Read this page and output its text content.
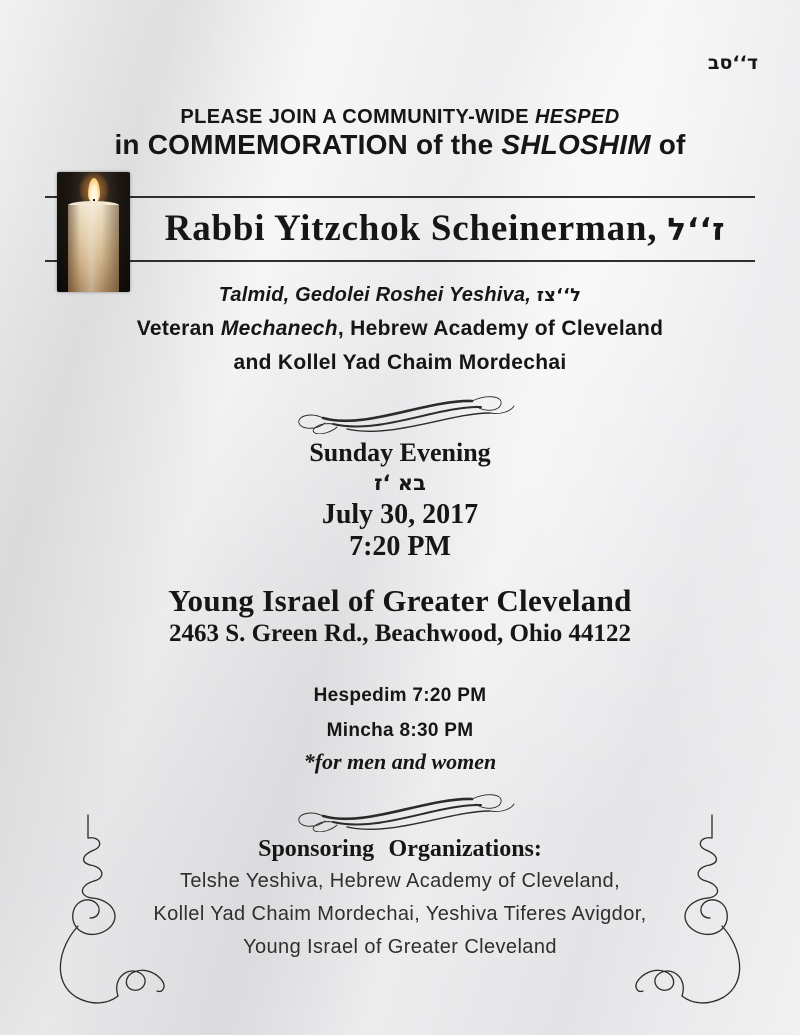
בס‘‘ד
PLEASE JOIN A COMMUNITY-WIDE HESPED
in COMMEMORATION of the SHLOSHIM of
Rabbi Yitzchok Scheinerman, ל‘‘ז
Talmid, Gedolei Roshei Yeshiva, זצ‘‘ל
Veteran Mechanech, Hebrew Academy of Cleveland
and Kollel Yad Chaim Mordechai
Sunday Evening
ז‘ אב
July 30, 2017
7:20 PM
Young Israel of Greater Cleveland
2463 S. Green Rd., Beachwood, Ohio 44122
Hespedim 7:20 PM
Mincha 8:30 PM
*for men and women
Sponsoring Organizations:
Telshe Yeshiva, Hebrew Academy of Cleveland,
Kollel Yad Chaim Mordechai, Yeshiva Tiferes Avigdor,
Young Israel of Greater Cleveland
